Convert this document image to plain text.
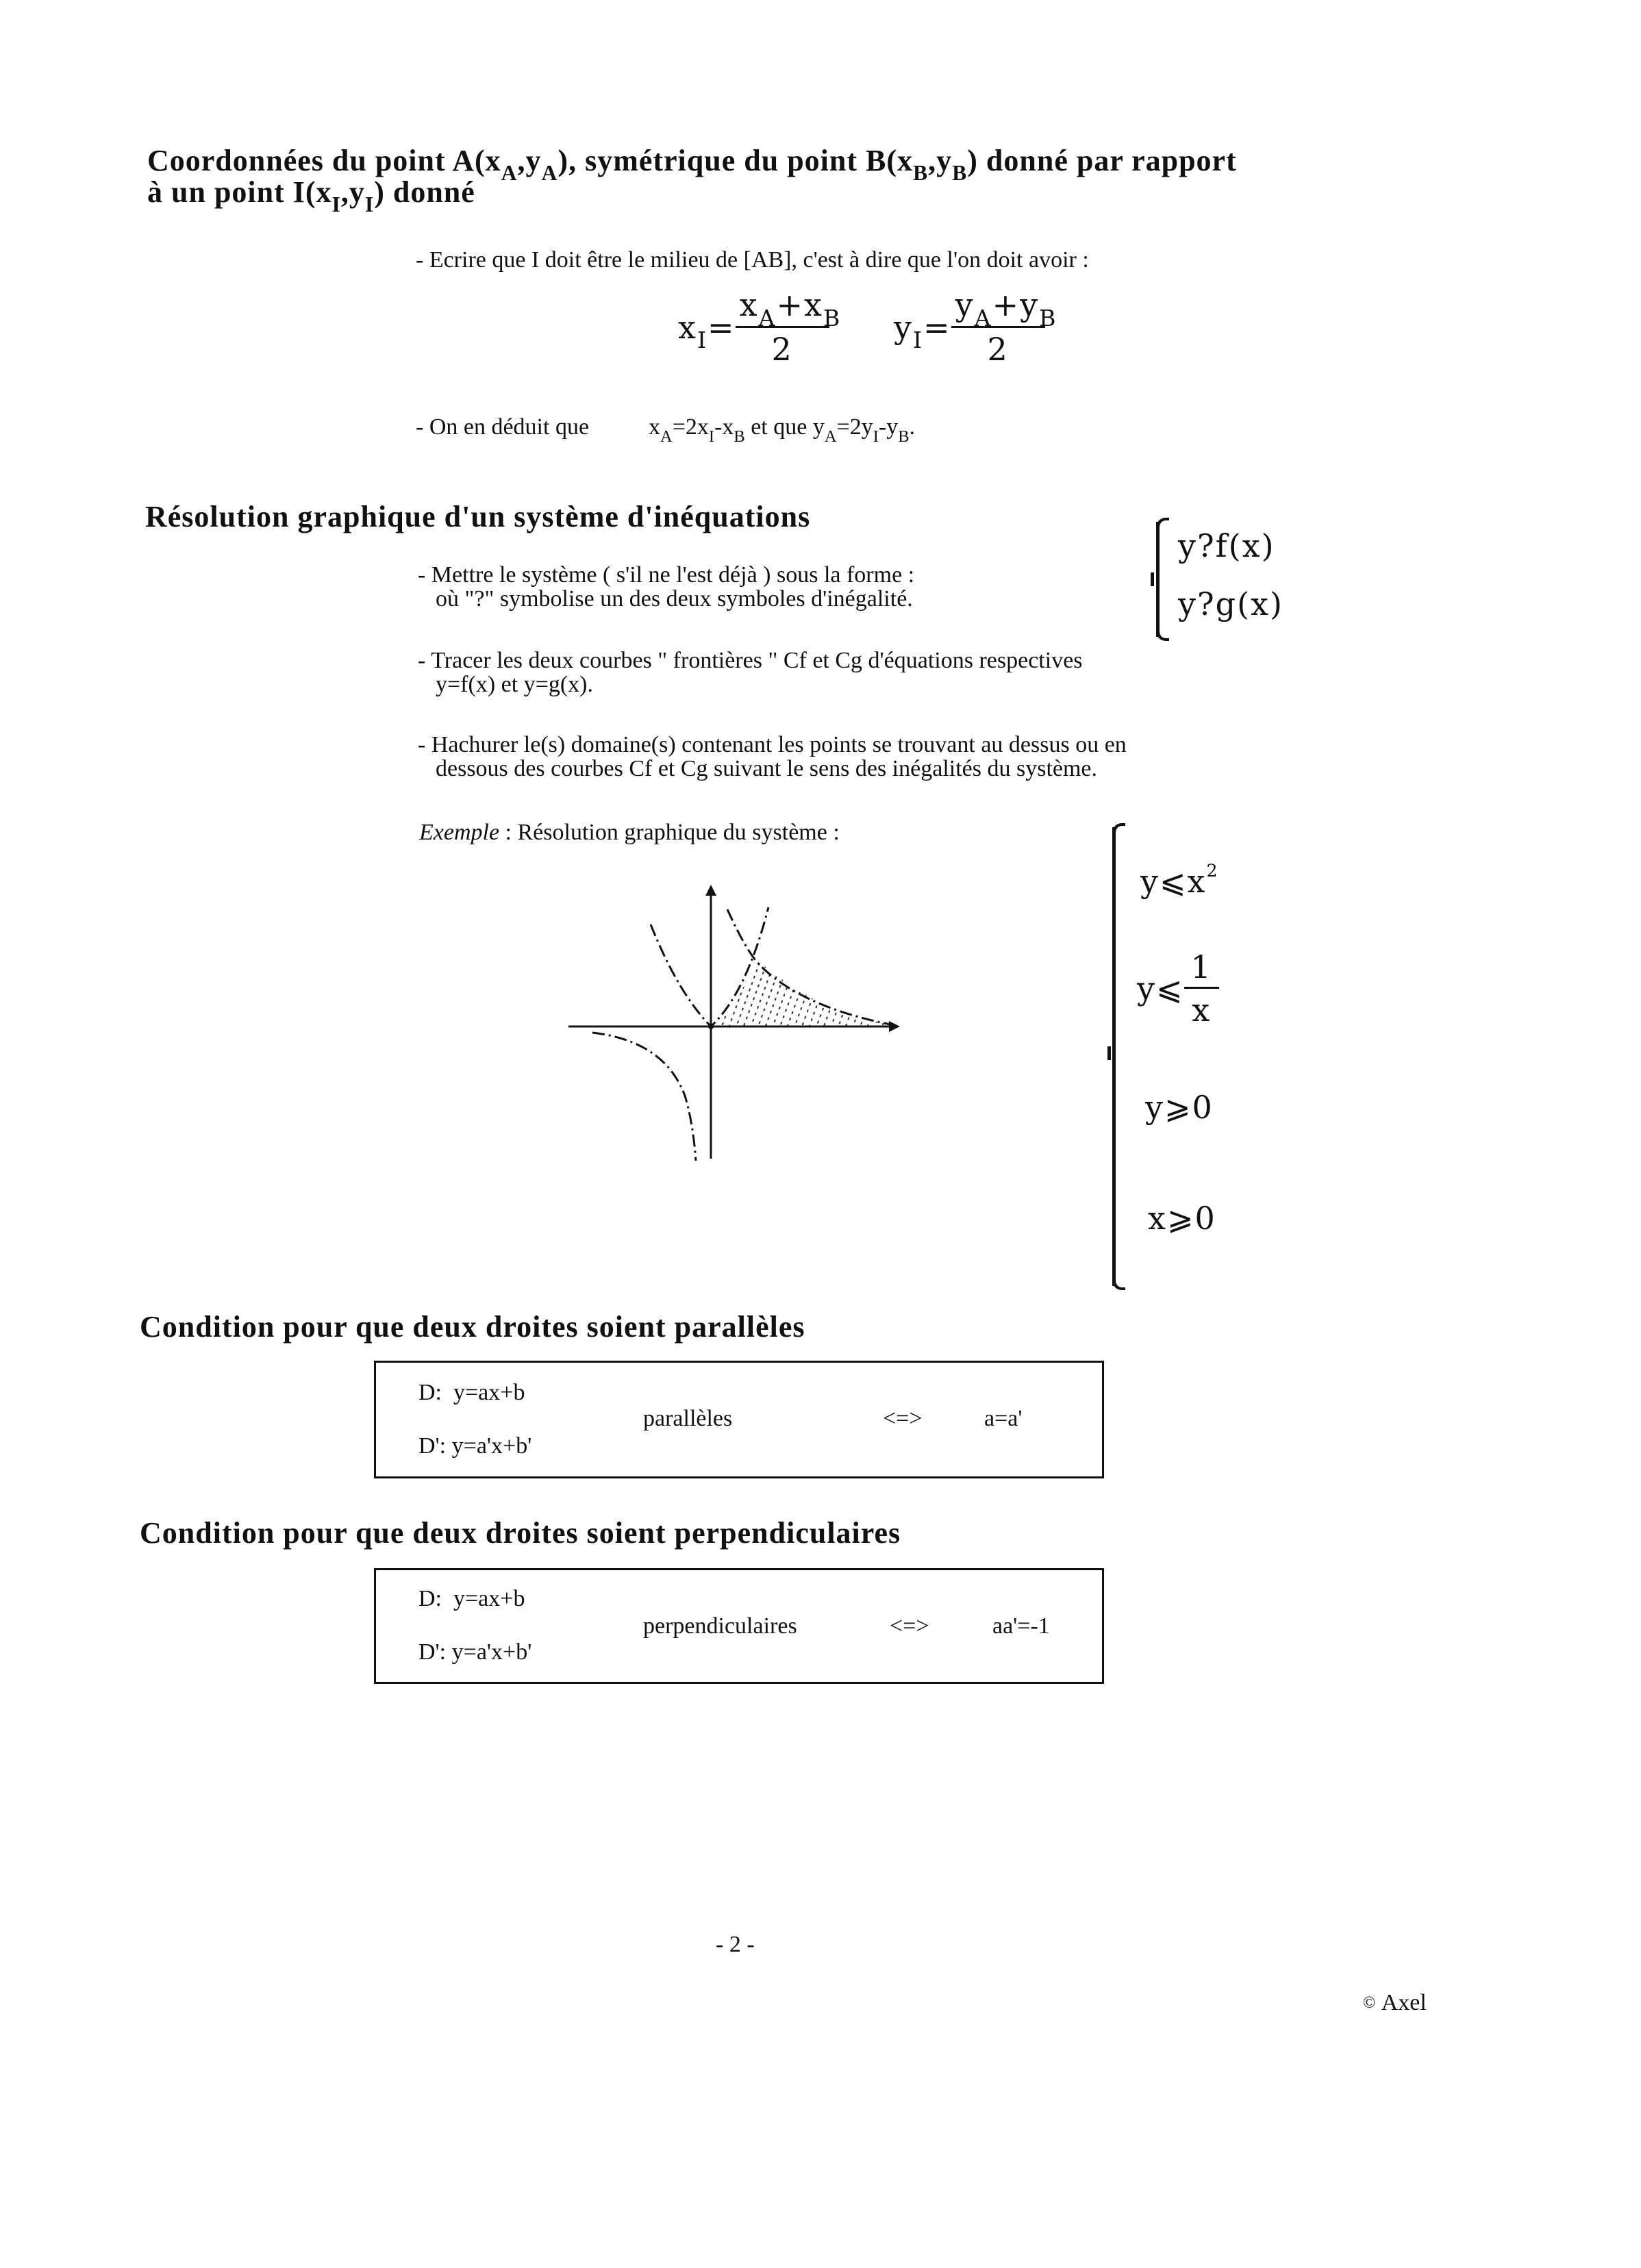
Coordonnées du point $A(x_A,y_A)$, symétrique du point $B(x_B,y_B)$ donné par rapport
à un point $I(x_I,y_I)$ donné
- Ecrire que I doit être le milieu de [AB], c'est à dire que l'on doit avoir :
$x_I= \frac{x_A+x_B}{2} y_I= \frac{y_A+y_B}{2}$
- On en déduit que	$x_A=2x_I-x_B$ et que $y_A=2y_I-y_B$.
Résolution graphique d'un système d'inéquations
- Mettre le système ( s'il ne l'est déjà ) sous la forme :
où "?" symbolise un des deux symboles d'inégalité.
y?f(x)
y?g(x)
- Tracer les deux courbes " frontières " Cf et Cg d'équations respectives
y=f(x) et y=g(x).
- Hachurer le(s) domaine(s) contenant les points se trouvant au dessus ou en
dessous des courbes Cf et Cg suivant le sens des inégalités du système.
Exemple : Résolution graphique du système :
$y⩽x^2$
y⩽ $\frac{1}{x}$
y⩾0
x⩾0
Condition pour que deux droites soient parallèles
D: y=ax+b
D': y=a'x+b'
parallèles	<=>	a=a'
Condition pour que deux droites soient perpendiculaires
D: y=ax+b
D': y=a'x+b'
perpendiculaires	<=>	aa'=-1
- 2 -
© Axel
